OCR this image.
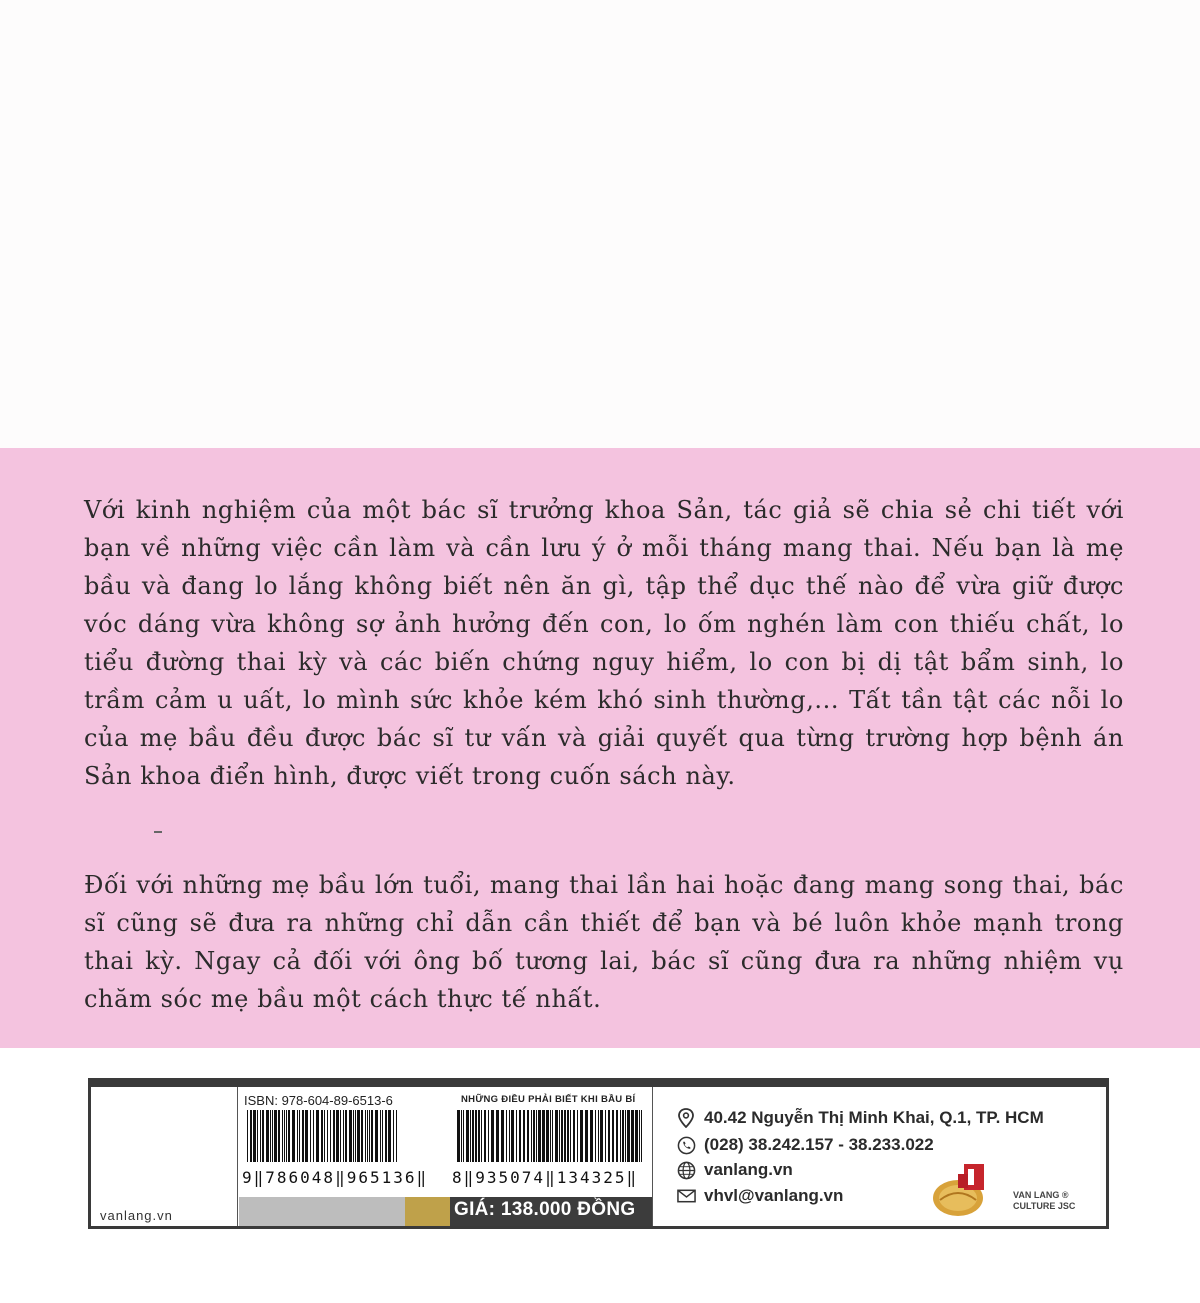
Với kinh nghiệm của một bác sĩ trưởng khoa Sản, tác giả sẽ chia sẻ chi tiết với bạn về những việc cần làm và cần lưu ý ở mỗi tháng mang thai. Nếu bạn là mẹ bầu và đang lo lắng không biết nên ăn gì, tập thể dục thế nào để vừa giữ được vóc dáng vừa không sợ ảnh hưởng đến con, lo ốm nghén làm con thiếu chất, lo tiểu đường thai kỳ và các biến chứng nguy hiểm, lo con bị dị tật bẩm sinh, lo trầm cảm u uất, lo mình sức khỏe kém khó sinh thường,... Tất tần tật các nỗi lo của mẹ bầu đều được bác sĩ tư vấn và giải quyết qua từng trường hợp bệnh án Sản khoa điển hình, được viết trong cuốn sách này.

Đối với những mẹ bầu lớn tuổi, mang thai lần hai hoặc đang mang song thai, bác sĩ cũng sẽ đưa ra những chỉ dẫn cần thiết để bạn và bé luôn khỏe mạnh trong thai kỳ. Ngay cả đối với ông bố tương lai, bác sĩ cũng đưa ra những nhiệm vụ chăm sóc mẹ bầu một cách thực tế nhất.

vanlang.vn
ISBN: 978-604-89-6513-6	NHỮNG ĐIỀU PHẢI BIẾT KHI BẦU BÍ
9‖786048‖965136‖ 8‖935074‖134325‖
GIÁ: 138.000 ĐỒNG
40.42 Nguyễn Thị Minh Khai, Q.1, TP. HCM
(028) 38.242.157 - 38.233.022
vanlang.vn
vhvl@vanlang.vn	VAN LANG ®
CULTURE JSC
